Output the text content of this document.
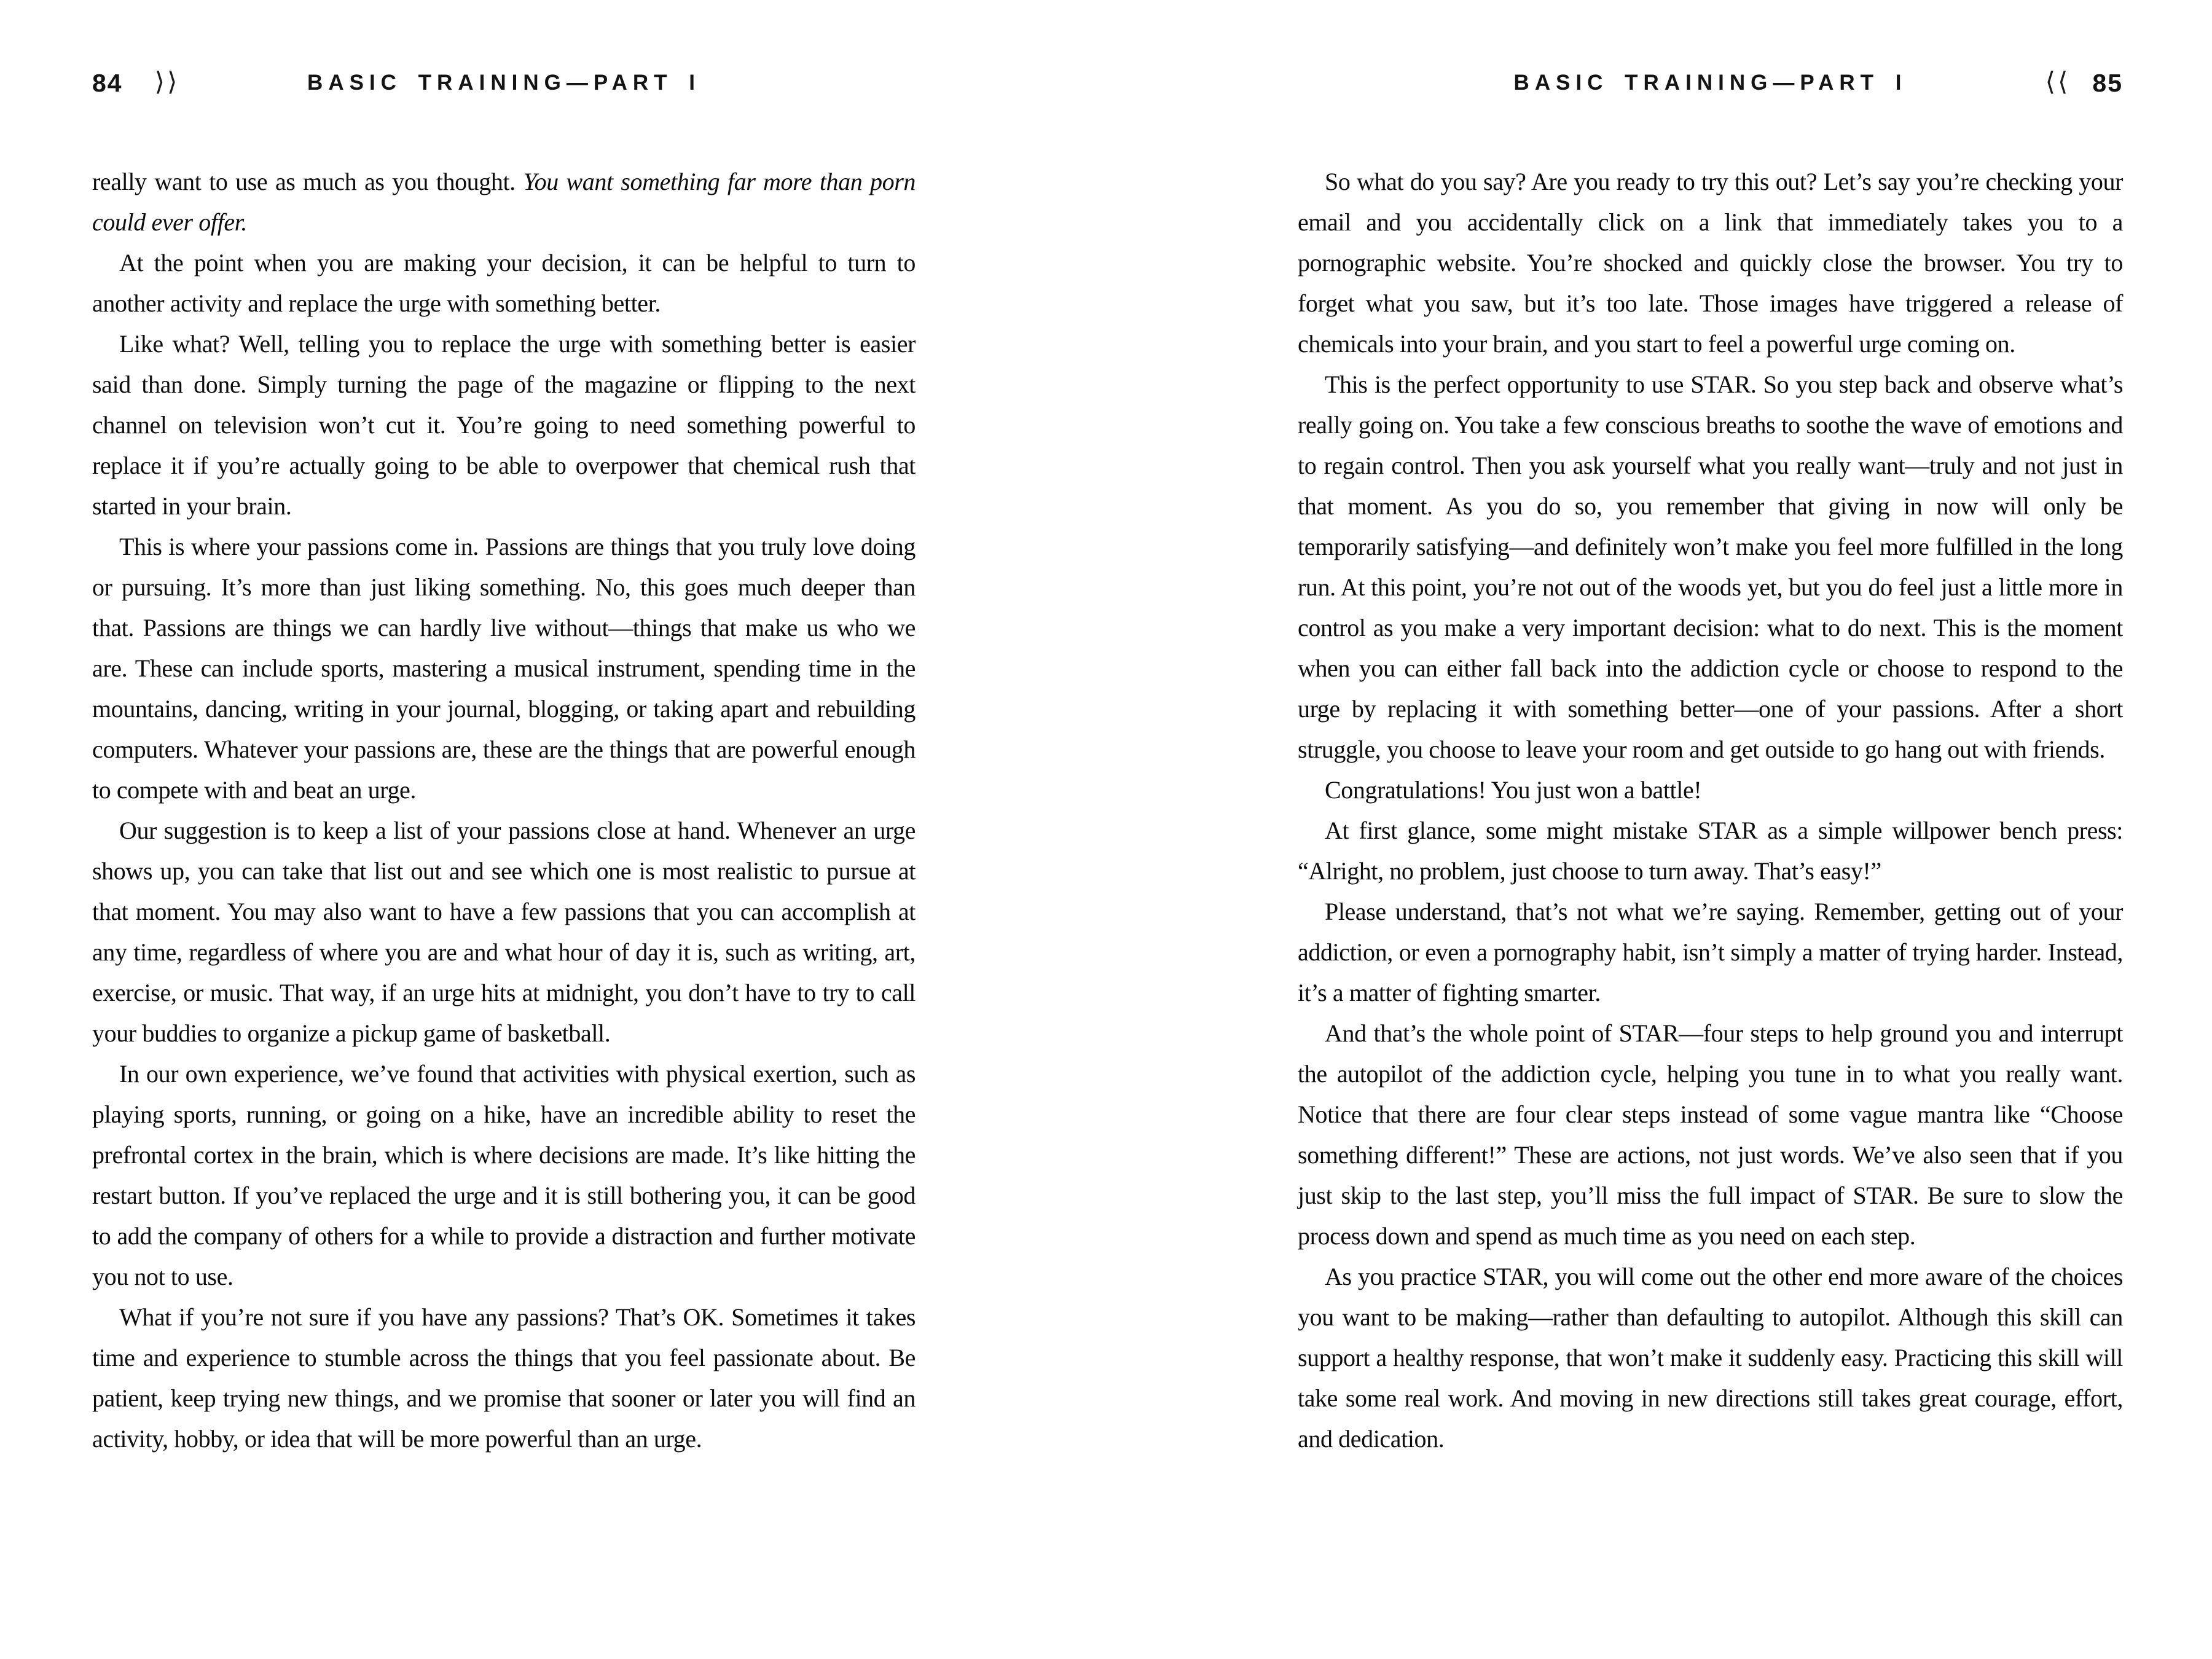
84 ⟩⟩	BASIC TRAINING—PART I

really want to use as much as you thought. You want something far more than porn could ever offer.

At the point when you are making your decision, it can be helpful to turn to another activity and replace the urge with something better.

Like what? Well, telling you to replace the urge with something better is easier said than done. Simply turning the page of the magazine or flipping to the next channel on television won’t cut it. You’re going to need something powerful to replace it if you’re actually going to be able to overpower that chemical rush that started in your brain.

This is where your passions come in. Passions are things that you truly love doing or pursuing. It’s more than just liking something. No, this goes much deeper than that. Passions are things we can hardly live without—things that make us who we are. These can include sports, mastering a musical instrument, spending time in the mountains, dancing, writing in your journal, blogging, or taking apart and rebuilding computers. Whatever your passions are, these are the things that are powerful enough to compete with and beat an urge.

Our suggestion is to keep a list of your passions close at hand. Whenever an urge shows up, you can take that list out and see which one is most realistic to pursue at that moment. You may also want to have a few passions that you can accomplish at any time, regardless of where you are and what hour of day it is, such as writing, art, exercise, or music. That way, if an urge hits at midnight, you don’t have to try to call your buddies to organize a pickup game of basketball.

In our own experience, we’ve found that activities with physical exertion, such as playing sports, running, or going on a hike, have an incredible ability to reset the prefrontal cortex in the brain, which is where decisions are made. It’s like hitting the restart button. If you’ve replaced the urge and it is still bothering you, it can be good to add the company of others for a while to provide a distraction and further motivate you not to use.

What if you’re not sure if you have any passions? That’s OK. Sometimes it takes time and experience to stumble across the things that you feel passionate about. Be patient, keep trying new things, and we promise that sooner or later you will find an activity, hobby, or idea that will be more powerful than an urge.

BASIC TRAINING—PART I	⟨⟨ 85

So what do you say? Are you ready to try this out? Let’s say you’re checking your email and you accidentally click on a link that immediately takes you to a pornographic website. You’re shocked and quickly close the browser. You try to forget what you saw, but it’s too late. Those images have triggered a release of chemicals into your brain, and you start to feel a powerful urge coming on.

This is the perfect opportunity to use STAR. So you step back and observe what’s really going on. You take a few conscious breaths to soothe the wave of emotions and to regain control. Then you ask yourself what you really want—truly and not just in that moment. As you do so, you remember that giving in now will only be temporarily satisfying—and definitely won’t make you feel more fulfilled in the long run. At this point, you’re not out of the woods yet, but you do feel just a little more in control as you make a very important decision: what to do next. This is the moment when you can either fall back into the addiction cycle or choose to respond to the urge by replacing it with something better—one of your passions. After a short struggle, you choose to leave your room and get outside to go hang out with friends.

Congratulations! You just won a battle!

At first glance, some might mistake STAR as a simple willpower bench press: “Alright, no problem, just choose to turn away. That’s easy!”

Please understand, that’s not what we’re saying. Remember, getting out of your addiction, or even a pornography habit, isn’t simply a matter of trying harder. Instead, it’s a matter of fighting smarter.

And that’s the whole point of STAR—four steps to help ground you and interrupt the autopilot of the addiction cycle, helping you tune in to what you really want. Notice that there are four clear steps instead of some vague mantra like “Choose something different!” These are actions, not just words. We’ve also seen that if you just skip to the last step, you’ll miss the full impact of STAR. Be sure to slow the process down and spend as much time as you need on each step.

As you practice STAR, you will come out the other end more aware of the choices you want to be making—rather than defaulting to autopilot. Although this skill can support a healthy response, that won’t make it suddenly easy. Practicing this skill will take some real work. And moving in new directions still takes great courage, effort, and dedication.
